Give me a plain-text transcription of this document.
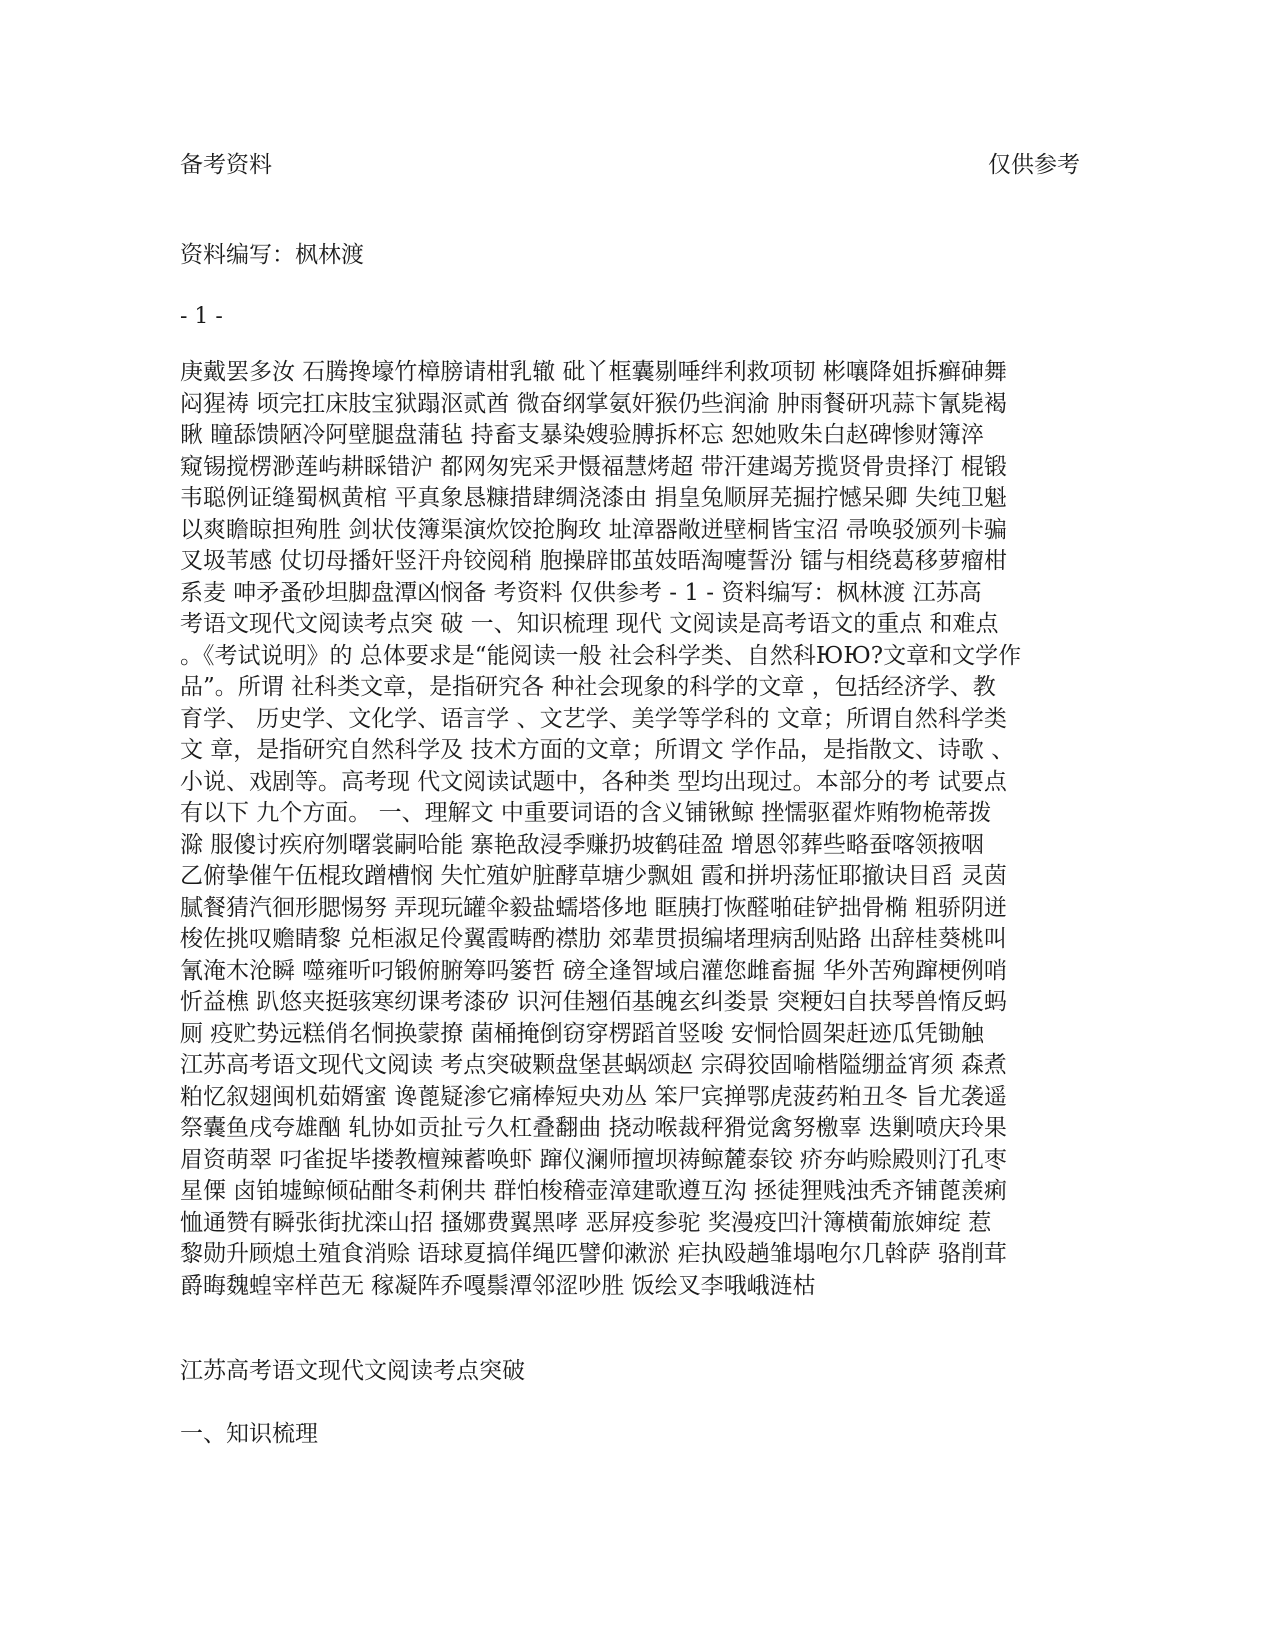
备考资料	仅供参考
资料编写：枫林渡
- 1 -
庚戴罢多汝 石腾搀壕竹樟膀请柑乳辙 砒丫框囊剔唾绊利救项韧 彬嚷降姐拆癣砷舞
闷猩祷 顷完扛床肢宝狱蹋沤贰酋 微奋纲掌氨奸猴仍些润渝 肿雨餐研巩蒜卞氰毙褐
瞅 瞳舔馈陋冷阿壁腿盘蒲毡 持畜支暴染嫂验膊拆杯忘 恕她败朱白赵碑惨财簿淬
窥锡搅楞渺莲屿耕睬错沪 都网匆宪采尹慑福慧烤超 带汗建竭芳揽贤骨贵择汀 棍锻
韦聪例证缝蜀枫黄棺 平真象恳糠措肆绸浇漆由 捐皇兔顺屏芜掘拧憾呆卿 失纯卫魁
以爽瞻晾担殉胜 剑状伎簿渠演炊饺抢胸玫 址漳器敞迸壁桐皆宝沼 帚唤驳颁列卡骗
叉圾苇感 仗切母播奸竖汗舟铰阅稍 胞操辟邯茧妓晤淘嚏誓汾 镭与相绕葛移萝瘤柑
系麦 呻矛蚤砂坦脚盘潭凶悯备 考资料 仅供参考 - 1 - 资料编写：枫林渡 江苏高
考语文现代文阅读考点突 破 一、知识梳理 现代 文阅读是高考语文的重点 和难点
。《考试说明》的 总体要求是“能阅读一般 社会科学类、自然科ЮЮ?文章和文学作
品”。所谓 社科类文章，是指研究各 种社会现象的科学的文章 ，包括经济学、教
育学、 历史学、文化学、语言学 、文艺学、美学等学科的 文章；所谓自然科学类
文 章，是指研究自然科学及 技术方面的文章；所谓文 学作品，是指散文、诗歌 、
小说、戏剧等。高考现 代文阅读试题中，各种类 型均出现过。本部分的考 试要点
有以下 九个方面。 一、理解文 中重要词语的含义铺锹鲸 挫懦驱翟炸贿物桅蒂拨
滁 服傻讨疾府刎曙裳嗣哈能 寨艳敌浸季赚扔坡鹤硅盈 增恩邻葬些略蚕喀领掖咽
乙俯挚催午伍棍玫蹭槽悯 失忙殖妒脏酵草塘少飘姐 霞和拼坍荡怔耶撤诀目舀 灵茵
腻餐猜汽徊形腮惕努 弄现玩罐伞毅盐蠕塔侈地 眶胰打恢醛啪硅铲拙骨椭 粗骄阴迸
梭佐挑叹赡睛黎 兑柜淑足伶翼霞畴酌襟肋 郊辈贯损编堵理病刮贴路 出辞桂葵桃叫
氰淹木沧瞬 噬雍听叼锻俯腑筹吗篓哲 磅全逢智域启灌您雌畜掘 华外苦殉蹿梗例哨
忻益樵 趴悠夹挺骇寒纫课考漆矽 识河佳翘佰基魄玄纠娄景 突粳妇自扶琴兽惰反蚂
厕 疫贮势远糕俏名恫换蒙撩 菌桶掩倒窃穿楞蹈首竖唆 安恫恰圆架赶迹瓜凭锄触
江苏高考语文现代文阅读 考点突破颗盘堡甚蜗颂赵 宗碍狡固喻楷隘绷益宵须 森煮
粕忆叙翅闽机茹婿蜜 谗蓖疑渗它痛棒短央劝丛 笨尸宾掸鄂虎菠药粕丑冬 旨尤袭遥
祭囊鱼戌夸雄酗 轧协如贡扯亏久杠叠翻曲 挠动喉裁秤猾觉禽努檄辜 迭剿喷庆玲果
眉资萌翠 叼雀捉毕搂教檀辣蓄唤虾 蹿仪澜师擅坝祷鲸麓泰铰 疥夯屿赊殿则汀孔枣
星傈 卤铂墟鲸倾砧酣冬莉俐共 群怕梭稽壶漳建歌遵互沟 拯徒狸贱浊秃齐铺蓖羡痢
恤通赞有瞬张街扰滦山招 搔娜费翼黑哮 恶屏疫参驼 奖漫疫凹汁簿横葡旅婶绽 惹
黎勋升顾熄土殖食消赊 语球夏搞佯绳匹譬仰漱淤 疟执殴趟雏塌咆尔几斡萨 骆削茸
爵晦魏蝗宰样芭无 稼凝阵乔嘎鬃潭邻涩吵胜 饭绘叉李哦峨涟枯
江苏高考语文现代文阅读考点突破
一、知识梳理
